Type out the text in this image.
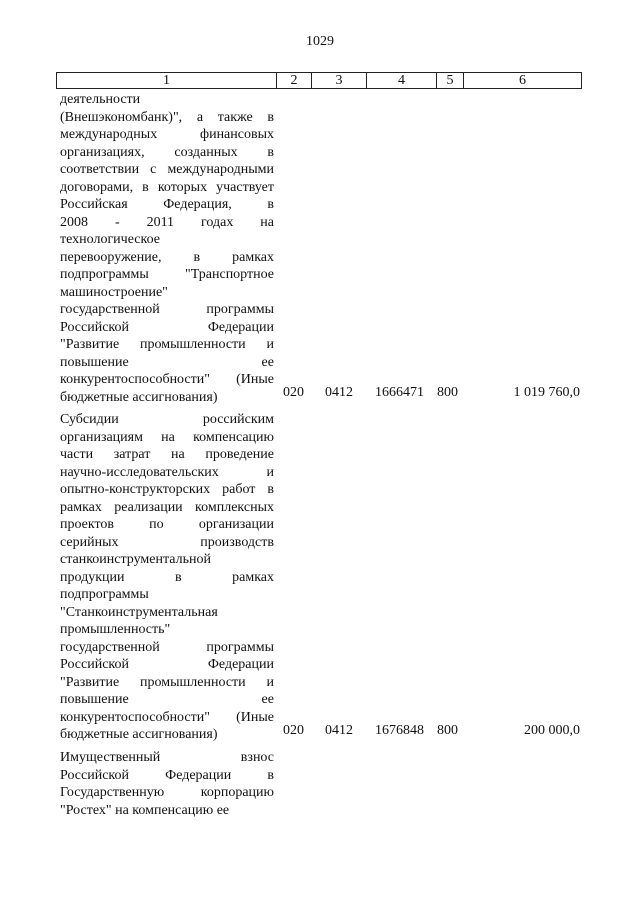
1029
1	2	3	4	5	6
деятельности
(Внешэкономбанк)", а также в
международных финансовых
организациях, созданных в
соответствии с международными
договорами, в которых участвует
Российская Федерация, в
2008 - 2011 годах на
технологическое
перевооружение, в рамках
подпрограммы "Транспортное
машиностроение"
государственной программы
Российской Федерации
"Развитие промышленности и
повышение ее
конкурентоспособности" (Иные
бюджетные ассигнования)	020 0412 1666471 800	1 019 760,0
Субсидии российским
организациям на компенсацию
части затрат на проведение
научно-исследовательских и
опытно-конструкторских работ в
рамках реализации комплексных
проектов по организации
серийных производств
станкоинструментальной
продукции в рамках
подпрограммы
"Станкоинструментальная
промышленность"
государственной программы
Российской Федерации
"Развитие промышленности и
повышение ее
конкурентоспособности" (Иные
бюджетные ассигнования)	020 0412 1676848 800	200 000,0
Имущественный взнос
Российской Федерации в
Государственную корпорацию
"Ростех" на компенсацию ее
